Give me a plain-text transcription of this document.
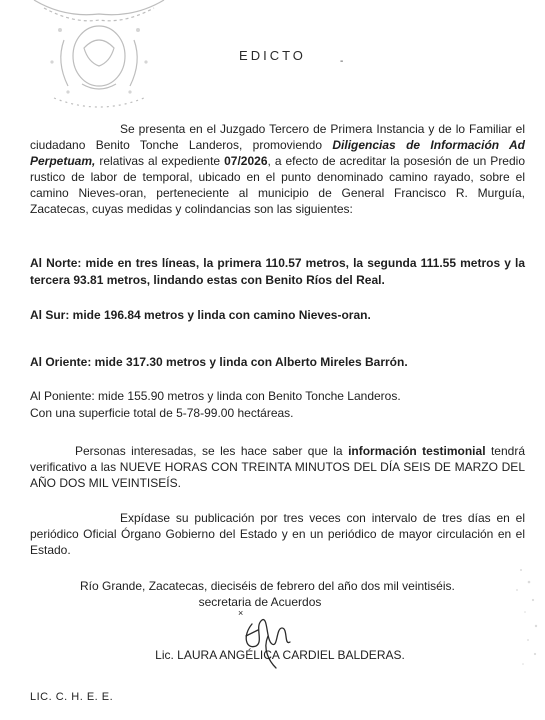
EDICTO	-
Se presenta en el Juzgado Tercero de Primera Instancia y de lo Familiar el ciudadano Benito Tonche Landeros, promoviendo Diligencias de Información Ad Perpetuam, relativas al expediente 07/2026, a efecto de acreditar la posesión de un Predio rustico de labor de temporal, ubicado en el punto denominado camino rayado, sobre el camino Nieves-oran, perteneciente al municipio de General Francisco R. Murguía, Zacatecas, cuyas medidas y colindancias son las siguientes:
Al Norte: mide en tres líneas, la primera 110.57 metros, la segunda 111.55 metros y la tercera 93.81 metros, lindando estas con Benito Ríos del Real.
Al Sur: mide 196.84 metros y linda con camino Nieves-oran.
Al Oriente: mide 317.30 metros y linda con Alberto Mireles Barrón.
Al Poniente: mide 155.90 metros y linda con Benito Tonche Landeros.
Con una superficie total de 5-78-99.00 hectáreas.
Personas interesadas, se les hace saber que la información testimonial tendrá verificativo a las NUEVE HORAS CON TREINTA MINUTOS DEL DÍA SEIS DE MARZO DEL AÑO DOS MIL VEINTISEÍS.
Expídase su publicación por tres veces con intervalo de tres días en el periódico Oficial Órgano Gobierno del Estado y en un periódico de mayor circulación en el Estado.
Río Grande, Zacatecas, dieciséis de febrero del año dos mil veintiséis.
secretaria de Acuerdos
×
Lic. LAURA ANGÉLICA CARDIEL BALDERAS.
LIC. C. H. E. E.
